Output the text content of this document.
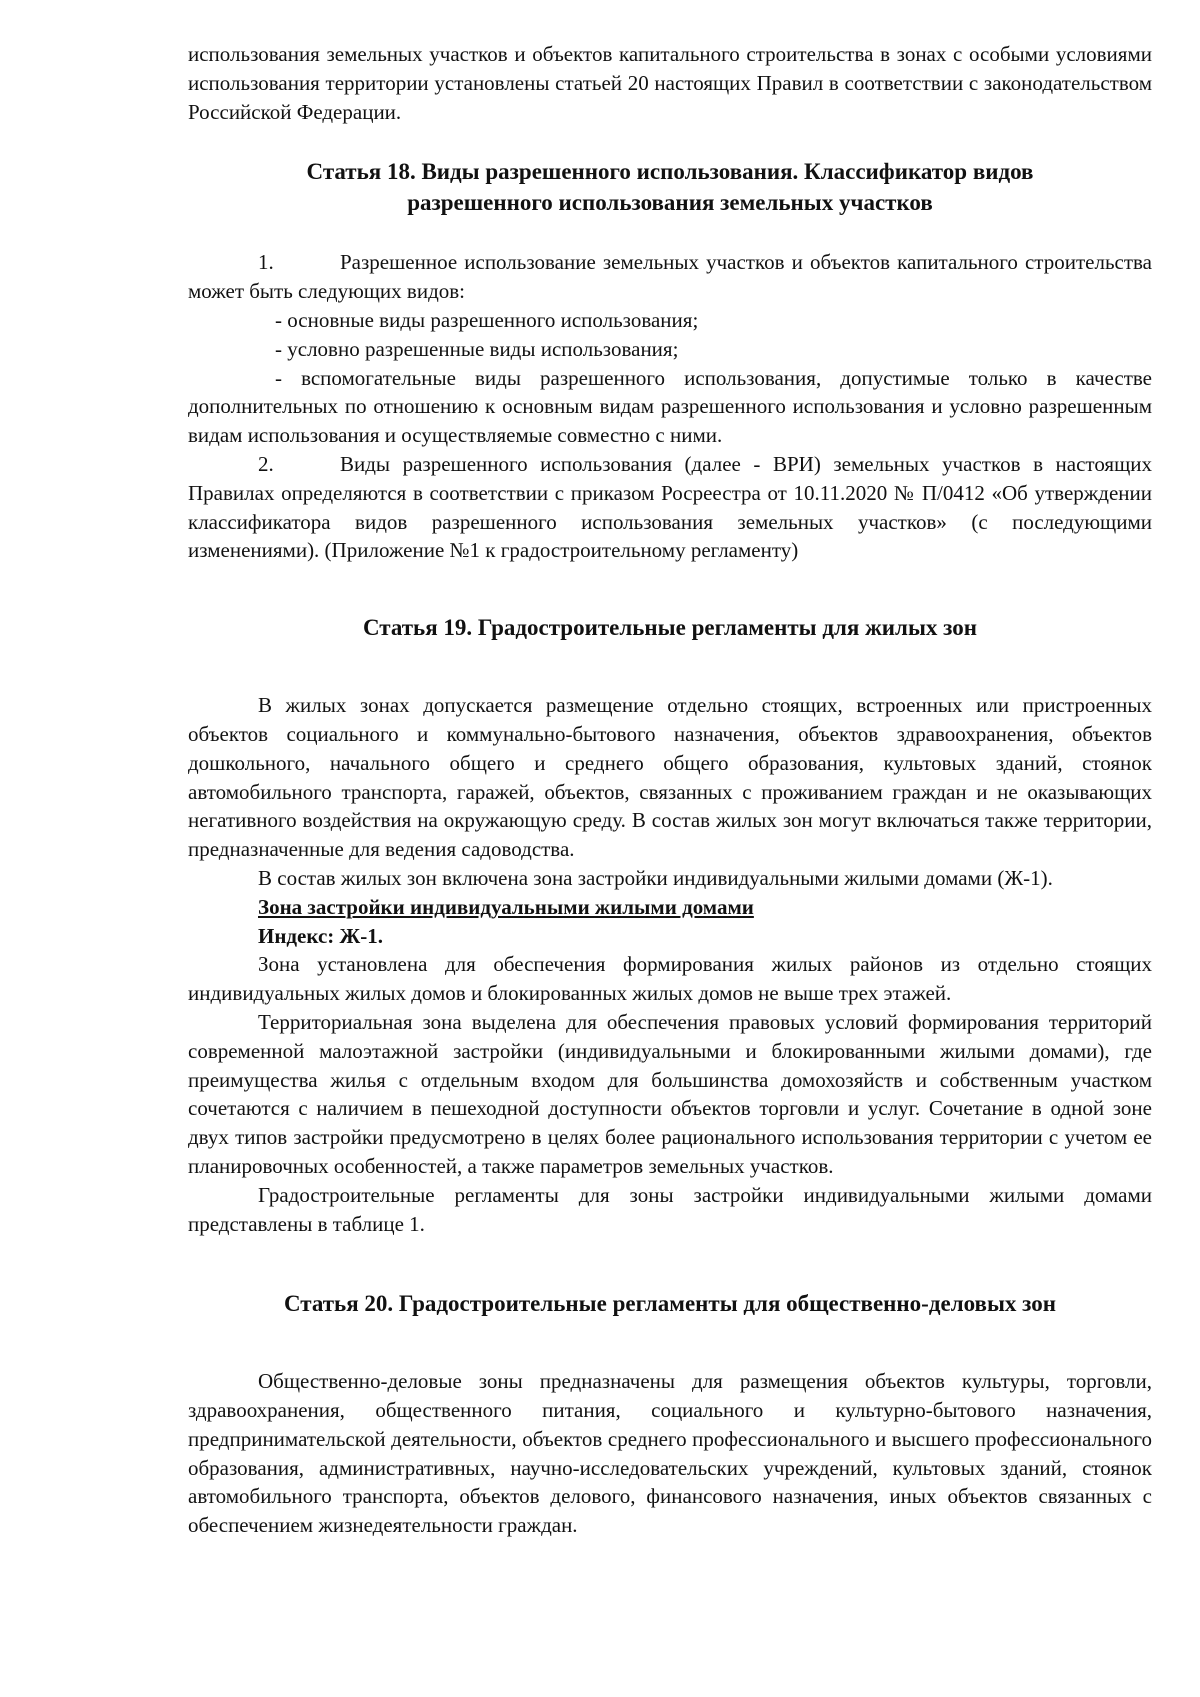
использования земельных участков и объектов капитального строительства в зонах с особыми условиями использования территории установлены статьей 20 настоящих Правил в соответствии с законодательством Российской Федерации.

Статья 18. Виды разрешенного использования. Классификатор видов разрешенного использования земельных участков

1.	Разрешенное использование земельных участков и объектов капитального строительства может быть следующих видов:

- основные виды разрешенного использования;

- условно разрешенные виды использования;

- вспомогательные виды разрешенного использования, допустимые только в качестве дополнительных по отношению к основным видам разрешенного использования и условно разрешенным видам использования и осуществляемые совместно с ними.

2.	Виды разрешенного использования (далее - ВРИ) земельных участков в настоящих Правилах определяются в соответствии с приказом Росреестра от 10.11.2020 № П/0412 «Об утверждении классификатора видов разрешенного использования земельных участков» (с последующими изменениями). (Приложение №1 к градостроительному регламенту)

Статья 19. Градостроительные регламенты для жилых зон

В жилых зонах допускается размещение отдельно стоящих, встроенных или пристроенных объектов социального и коммунально-бытового назначения, объектов здравоохранения, объектов дошкольного, начального общего и среднего общего образования, культовых зданий, стоянок автомобильного транспорта, гаражей, объектов, связанных с проживанием граждан и не оказывающих негативного воздействия на окружающую среду. В состав жилых зон могут включаться также территории, предназначенные для ведения садоводства.

В состав жилых зон включена зона застройки индивидуальными жилыми домами (Ж-1).

Зона застройки индивидуальными жилыми домами

Индекс: Ж-1.

Зона установлена для обеспечения формирования жилых районов из отдельно стоящих индивидуальных жилых домов и блокированных жилых домов не выше трех этажей.

Территориальная зона выделена для обеспечения правовых условий формирования территорий современной малоэтажной застройки (индивидуальными и блокированными жилыми домами), где преимущества жилья с отдельным входом для большинства домохозяйств и собственным участком сочетаются с наличием в пешеходной доступности объектов торговли и услуг. Сочетание в одной зоне двух типов застройки предусмотрено в целях более рационального использования территории с учетом ее планировочных особенностей, а также параметров земельных участков.

Градостроительные регламенты для зоны застройки индивидуальными жилыми домами представлены в таблице 1.

Статья 20. Градостроительные регламенты для общественно-деловых зон

Общественно-деловые зоны предназначены для размещения объектов культуры, торговли, здравоохранения, общественного питания, социального и культурно-бытового назначения, предпринимательской деятельности, объектов среднего профессионального и высшего профессионального образования, административных, научно-исследовательских учреждений, культовых зданий, стоянок автомобильного транспорта, объектов делового, финансового назначения, иных объектов связанных с обеспечением жизнедеятельности граждан.
